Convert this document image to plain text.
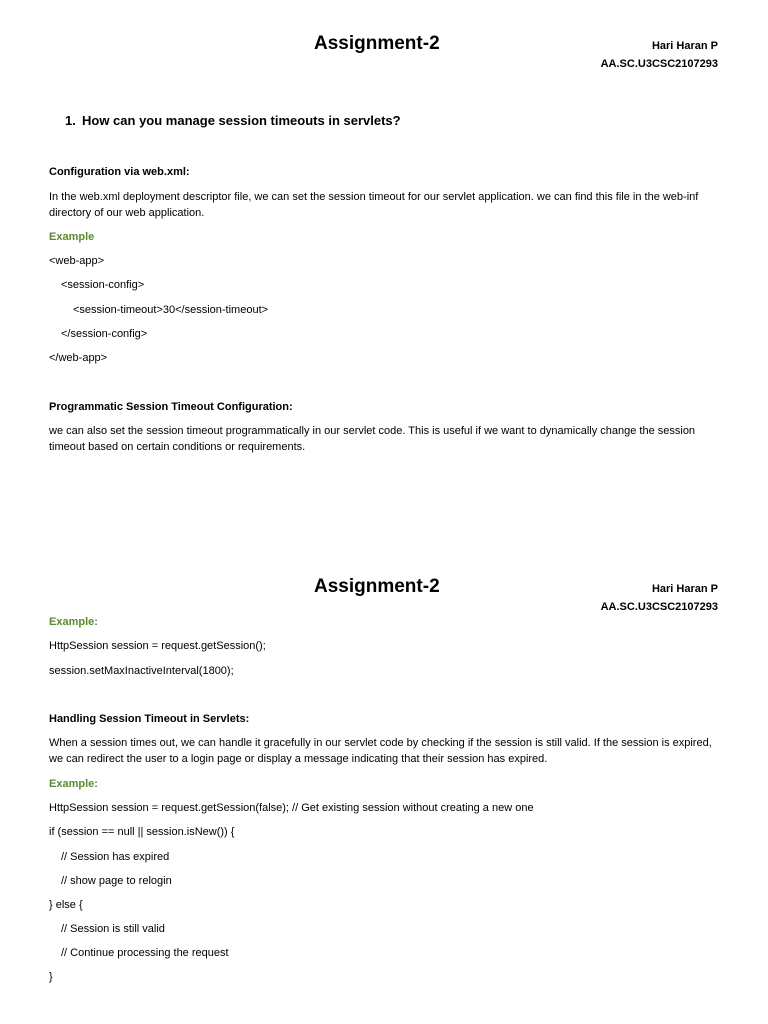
Assignment-2	Hari Haran P
AA.SC.U3CSC2107293
1. How can you manage session timeouts in servlets?
Configuration via web.xml:
In the web.xml deployment descriptor file, we can set the session timeout for our servlet application. we can find this file in the web-inf directory of our web application.
Example
<web-app>
<session-config>
<session-timeout>30</session-timeout>
</session-config>
</web-app>
Programmatic Session Timeout Configuration:
we can also set the session timeout programmatically in our servlet code. This is useful if we want to dynamically change the session timeout based on certain conditions or requirements.
Assignment-2	Hari Haran P
AA.SC.U3CSC2107293
Example:
HttpSession session = request.getSession();
session.setMaxInactiveInterval(1800);
Handling Session Timeout in Servlets:
When a session times out, we can handle it gracefully in our servlet code by checking if the session is still valid. If the session is expired, we can redirect the user to a login page or display a message indicating that their session has expired.
Example:
HttpSession session = request.getSession(false); // Get existing session without creating a new one
if (session == null || session.isNew()) {
// Session has expired
// show page to relogin
} else {
// Session is still valid
// Continue processing the request
}
